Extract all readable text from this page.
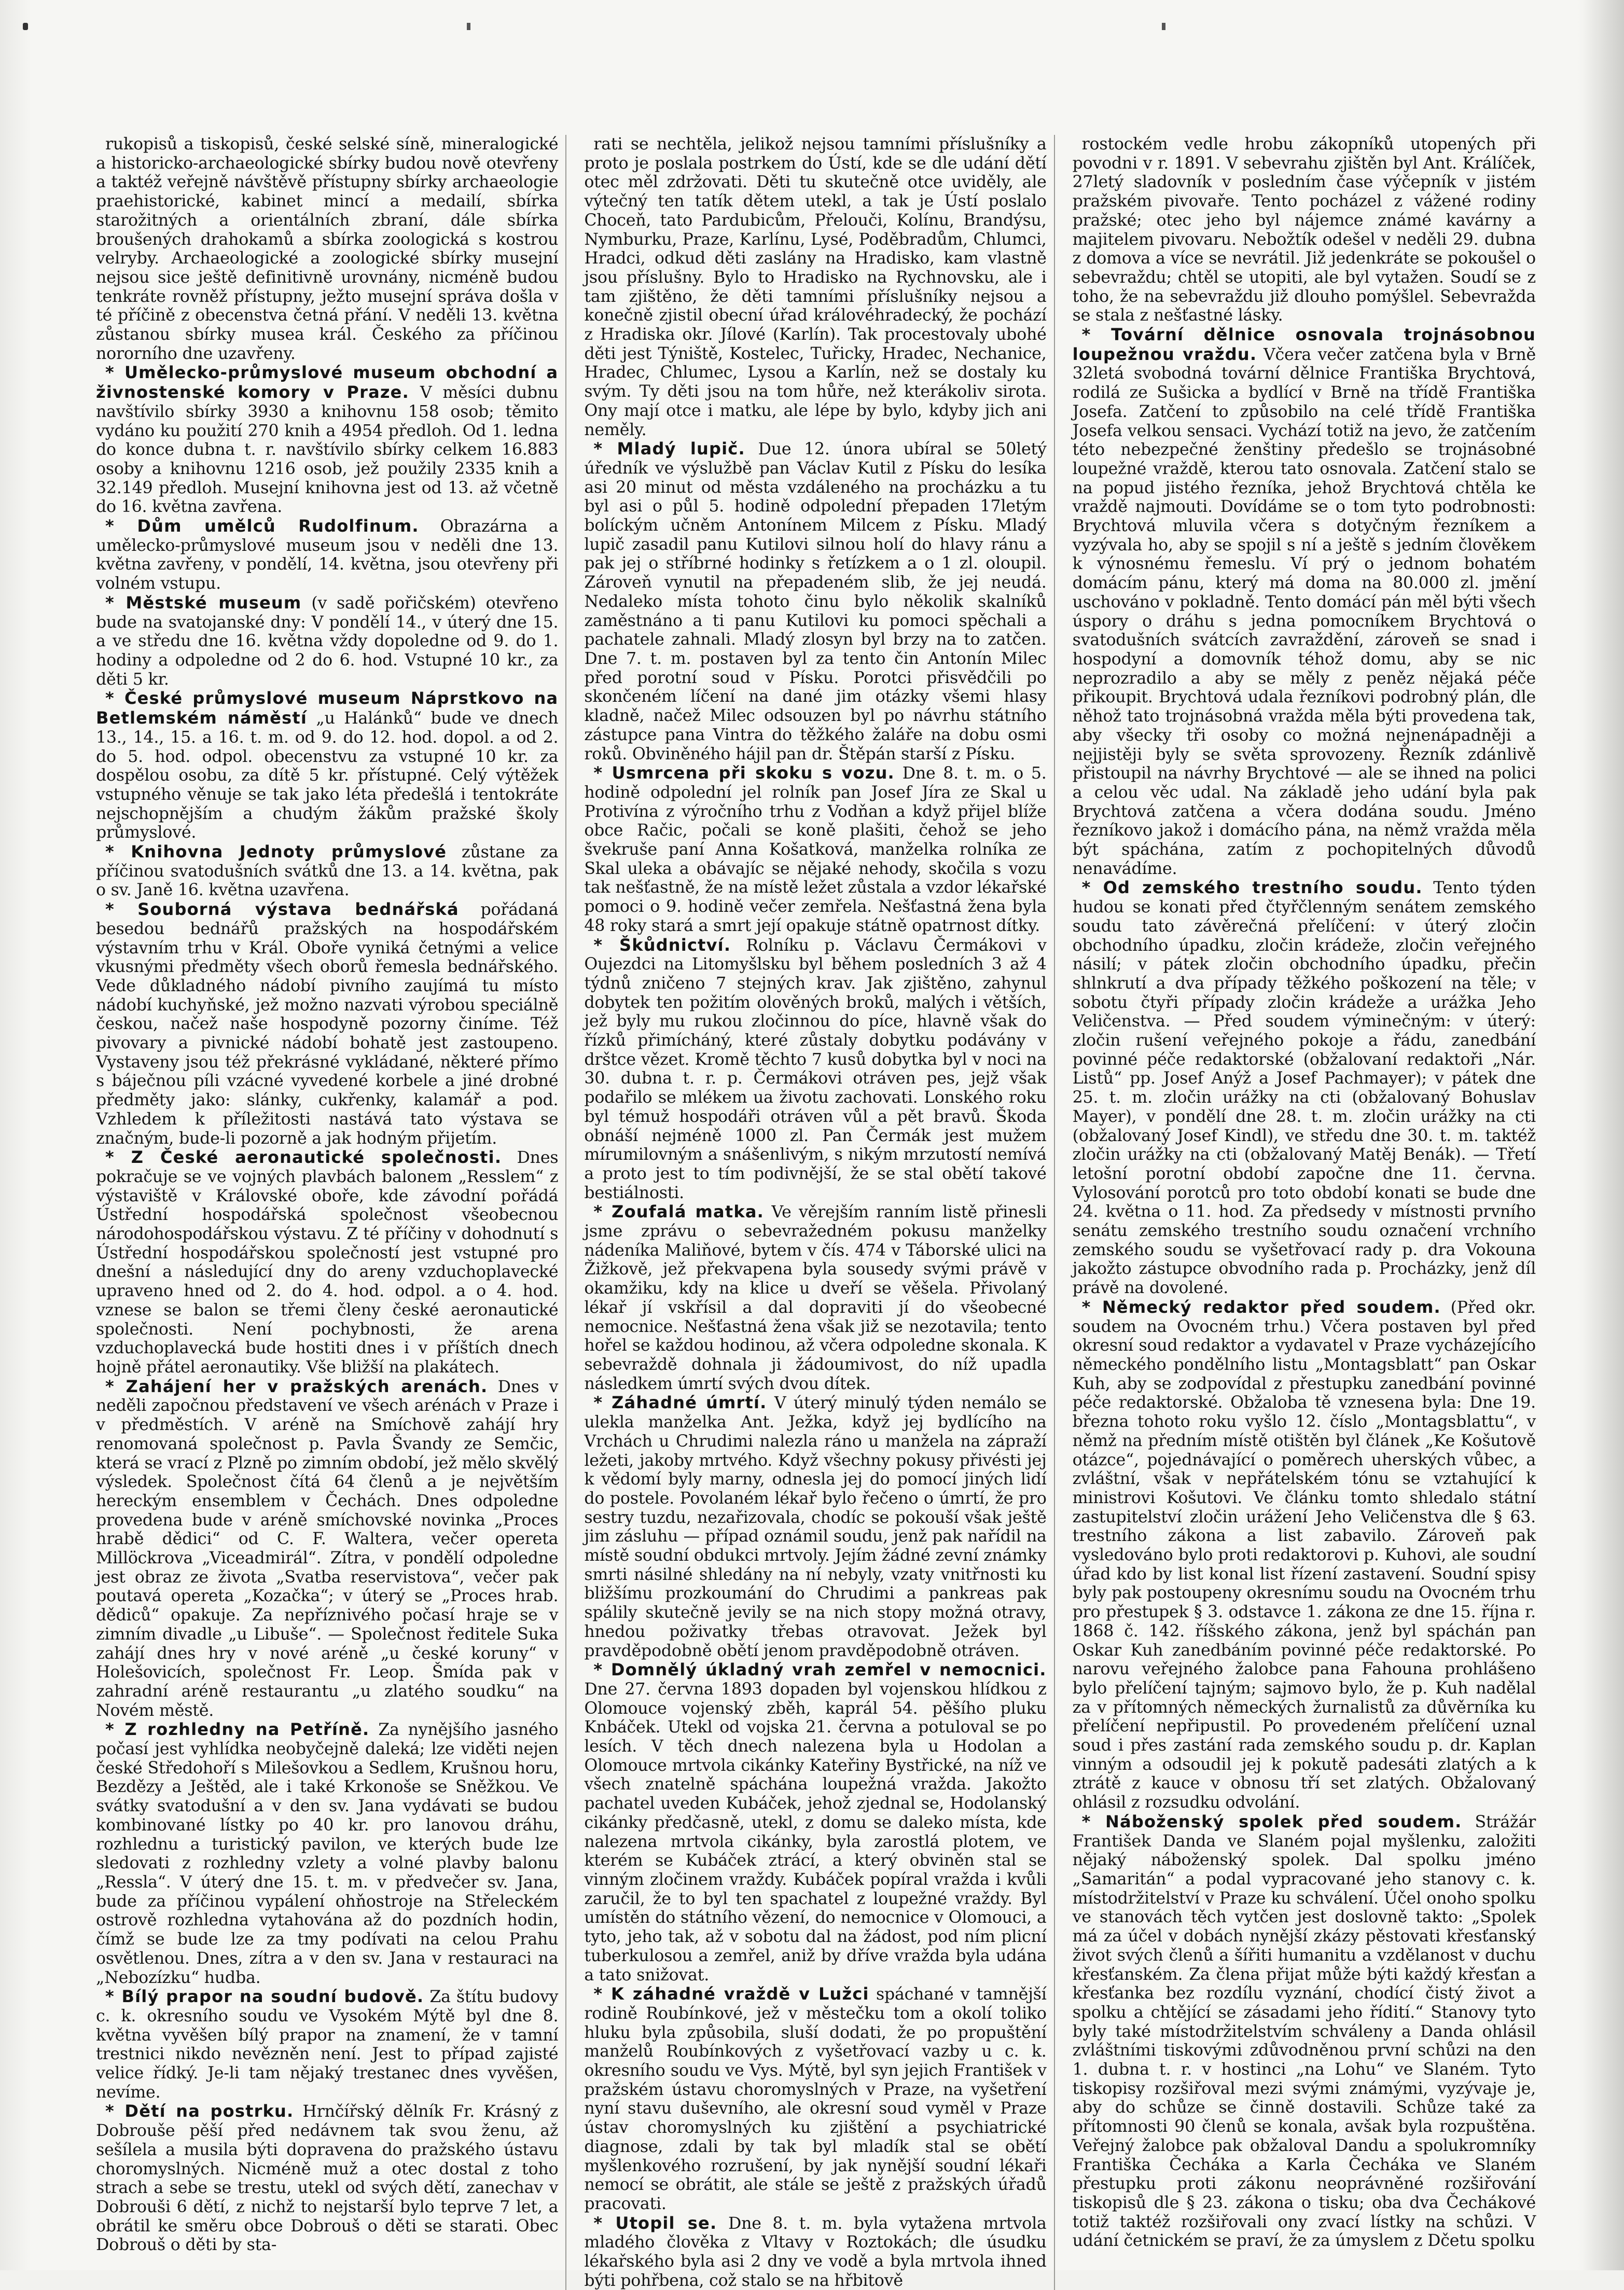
rukopisů a tiskopisů, české selské síně, mineralogické a historicko-archaeologické sbírky budou nově otevřeny a taktéž veřejně návštěvě přístupny sbírky archaeologie praehistorické, kabinet mincí a medailí, sbírka starožitných a orientálních zbraní, dále sbírka broušených drahokamů a sbírka zoologická s kostrou velryby. Archaeologické a zoologické sbírky musejní nejsou sice ještě definitivně urovnány, nicméně budou tenkráte rovněž přístupny, ježto musejní správa došla v té příčině z obecenstva četná přání. V neděli 13. května zůstanou sbírky musea král. Českého za příčinou nororního dne uzavřeny.

* Umělecko-průmyslové museum obchodní a živnostenské komory v Praze. V měsíci dubnu navštívilo sbírky 3930 a knihovnu 158 osob; těmito vydáno ku použití 270 knih a 4954 předloh. Od 1. ledna do konce dubna t. r. navštívilo sbírky celkem 16.883 osoby a knihovnu 1216 osob, jež použily 2335 knih a 32.149 předloh. Musejní knihovna jest od 13. až včetně do 16. května zavřena.

* Dům umělců Rudolfinum. Obrazárna a umělecko-průmyslové museum jsou v neděli dne 13. května zavřeny, v pondělí, 14. května, jsou otevřeny při volném vstupu.

* Městské museum (v sadě pořičském) otevřeno bude na svatojanské dny: V pondělí 14., v úterý dne 15. a ve středu dne 16. května vždy dopoledne od 9. do 1. hodiny a odpoledne od 2 do 6. hod. Vstupné 10 kr., za děti 5 kr.

* České průmyslové museum Náprstkovo na Betlemském náměstí „u Halánků“ bude ve dnech 13., 14., 15. a 16. t. m. od 9. do 12. hod. dopol. a od 2. do 5. hod. odpol. obecenstvu za vstupné 10 kr. za dospělou osobu, za dítě 5 kr. přístupné. Celý výtěžek vstupného věnuje se tak jako léta předešlá i tentokráte nejschopnějším a chudým žákům pražské školy průmyslové.

* Knihovna Jednoty průmyslové zůstane za příčinou svatodušních svátků dne 13. a 14. května, pak o sv. Janě 16. května uzavřena.

* Souborná výstava bednářská pořádaná besedou bednářů pražských na hospodářském výstavním trhu v Král. Oboře vyniká četnými a velice vkusnými předměty všech oborů řemesla bednářského. Vede důkladného nádobí pivního zaujímá tu místo nádobí kuchyňské, jež možno nazvati výrobou speciálně českou, načež naše hospodyně pozorny činíme. Též pivovary a pivnické nádobí bohatě jest zastoupeno. Vystaveny jsou též překrásné vykládané, některé přímo s báječnou píli vzácné vyvedené korbele a jiné drobné předměty jako: slánky, cukřenky, kalamář a pod. Vzhledem k příležitosti nastává tato výstava se značným, bude-li pozorně a jak hodným přijetím.

* Z České aeronautické společnosti. Dnes pokračuje se ve vojných plavbách balonem „Resslem“ z výstaviště v Královské oboře, kde závodní pořádá Ústřední hospodářská společnost všeobecnou národohospodářskou výstavu. Z té příčiny v dohodnutí s Ústřední hospodářskou společností jest vstupné pro dnešní a následující dny do areny vzduchoplavecké upraveno hned od 2. do 4. hod. odpol. a o 4. hod. vznese se balon se třemi členy české aeronautické společnosti. Není pochybnosti, že arena vzduchoplavecká bude hostiti dnes i v příštích dnech hojně přátel aeronautiky. Vše bližší na plakátech.

* Zahájení her v pražských arenách. Dnes v neděli započnou představení ve všech arénách v Praze i v předměstích. V aréně na Smíchově zahájí hry renomovaná společnost p. Pavla Švandy ze Semčic, která se vrací z Plzně po zimním období, jež mělo skvělý výsledek. Společnost čítá 64 členů a je největším hereckým ensemblem v Čechách. Dnes odpoledne provedena bude v aréně smíchovské novinka „Proces hrabě dědici“ od C. F. Waltera, večer opereta Millöckrova „Viceadmirál“. Zítra, v pondělí odpoledne jest obraz ze života „Svatba reservistova“, večer pak poutavá opereta „Kozačka“; v úterý se „Proces hrab. dědiců“ opakuje. Za nepříznivého počasí hraje se v zimním divadle „u Libuše“. — Společnost ředitele Suka zahájí dnes hry v nové aréně „u české koruny“ v Holešovicích, společnost Fr. Leop. Šmída pak v zahradní aréně restaurantu „u zlatého soudku“ na Novém městě.

* Z rozhledny na Petříně. Za nynějšího jasného počasí jest vyhlídka neobyčejně daleká; lze viděti nejen české Středohoří s Milešovkou a Sedlem, Krušnou horu, Bezdězy a Ještěd, ale i také Krkonoše se Sněžkou. Ve svátky svatodušní a v den sv. Jana vydávati se budou kombinované lístky po 40 kr. pro lanovou dráhu, rozhlednu a turistický pavilon, ve kterých bude lze sledovati z rozhledny vzlety a volné plavby balonu „Ressla“. V úterý dne 15. t. m. v předvečer sv. Jana, bude za příčinou vypálení ohňostroje na Střeleckém ostrově rozhledna vytahována až do pozdních hodin, čímž se bude lze za tmy podívati na celou Prahu osvětlenou. Dnes, zítra a v den sv. Jana v restauraci na „Nebozízku“ hudba.

* Bílý prapor na soudní budově. Za štítu budovy c. k. okresního soudu ve Vysokém Mýtě byl dne 8. května vyvěšen bílý prapor na znamení, že v tamní trestnici nikdo nevězněn není. Jest to případ zajisté velice řídký. Je-li tam nějaký trestanec dnes vyvěšen, nevíme.

* Dětí na postrku. Hrnčířský dělník Fr. Krásný z Dobrouše pěší před nedávnem tak svou ženu, až sešílela a musila býti dopravena do pražského ústavu choromyslných. Nicméně muž a otec dostal z toho strach a sebe se trestu, utekl od svých dětí, zanechav v Dobrouši 6 dětí, z nichž to nejstarší bylo teprve 7 let, a obrátil ke směru obce Dobrouš o děti se starati. Obec Dobrouš o děti by sta-

rati se nechtěla, jelikož nejsou tamními příslušníky a proto je poslala postrkem do Ústí, kde se dle udání dětí otec měl zdržovati. Děti tu skutečně otce uviděly, ale výtečný ten tatík dětem utekl, a tak je Ústí poslalo Choceň, tato Pardubicům, Přelouči, Kolínu, Brandýsu, Nymburku, Praze, Karlínu, Lysé, Poděbradům, Chlumci, Hradci, odkud děti zaslány na Hradisko, kam vlastně jsou příslušny. Bylo to Hradisko na Rychnovsku, ale i tam zjištěno, že děti tamními příslušníky nejsou a konečně zjistil obecní úřad královéhradecký, že pochází z Hradiska okr. Jílové (Karlín). Tak procestovaly ubohé děti jest Týniště, Kostelec, Tuřicky, Hradec, Nechanice, Hradec, Chlumec, Lysou a Karlín, než se dostaly ku svým. Ty děti jsou na tom hůře, než kterákoliv sirota. Ony mají otce i matku, ale lépe by bylo, kdyby jich ani neměly.

* Mladý lupič. Due 12. února ubíral se 50letý úředník ve výslužbě pan Václav Kutil z Písku do lesíka asi 20 minut od města vzdáleného na procházku a tu byl asi o půl 5. hodině odpolední přepaden 17letým bolíckým učněm Antonínem Milcem z Písku. Mladý lupič zasadil panu Kutilovi silnou holí do hlavy ránu a pak jej o stříbrné hodinky s řetízkem a o 1 zl. oloupil. Zároveň vynutil na přepadeném slib, že jej neudá. Nedaleko místa tohoto činu bylo několik skalníků zaměstnáno a ti panu Kutilovi ku pomoci spěchali a pachatele zahnali. Mladý zlosyn byl brzy na to zatčen. Dne 7. t. m. postaven byl za tento čin Antonín Milec před porotní soud v Písku. Porotci přisvědčili po skončeném líčení na dané jim otázky všemi hlasy kladně, načež Milec odsouzen byl po návrhu státního zástupce pana Vintra do těžkého žaláře na dobu osmi roků. Obviněného hájil pan dr. Štěpán starší z Písku.

* Usmrcena při skoku s vozu. Dne 8. t. m. o 5. hodině odpolední jel rolník pan Josef Jíra ze Skal u Protivína z výročního trhu z Vodňan a když přijel blíže obce Račic, počali se koně plašiti, čehož se jeho švekruše paní Anna Košatková, manželka rolníka ze Skal uleka a obávajíc se nějaké nehody, skočila s vozu tak nešťastně, že na místě ležet zůstala a vzdor lékařské pomoci o 9. hodině večer zemřela. Nešťastná žena byla 48 roky stará a smrt její opakuje státně opatrnost dítky.

* Škůdnictví. Rolníku p. Václavu Čermákovi v Oujezdci na Litomyšlsku byl během posledních 3 až 4 týdnů zničeno 7 stejných krav. Jak zjištěno, zahynul dobytek ten požitím olověných broků, malých i větších, jež byly mu rukou zločinnou do píce, hlavně však do řízků přimícháný, které zůstaly dobytku podávány v drštce vězet. Kromě těchto 7 kusů dobytka byl v noci na 30. dubna t. r. p. Čermákovi otráven pes, jejž však podařilo se mlékem ua životu zachovati. Lonského roku byl témuž hospodáři otráven vůl a pět bravů. Škoda obnáší nejméně 1000 zl. Pan Čermák jest mužem mírumilovným a snášenlivým, s nikým mrzutostí nemívá a proto jest to tím podivnější, že se stal obětí takové bestiálnosti.

* Zoufalá matka. Ve věrejším ranním listě přinesli jsme zprávu o sebevražedném pokusu manželky nádeníka Maliňové, bytem v čís. 474 v Táborské ulici na Žižkově, jež překvapena byla sousedy svými právě v okamžiku, kdy na klice u dveří se věšela. Přivolaný lékař jí vskřísil a dal dopraviti jí do všeobecné nemocnice. Nešťastná žena však již se nezotavila; tento hořel se každou hodinou, až včera odpoledne skonala. K sebevraždě dohnala ji žádoumivost, do níž upadla následkem úmrtí svých dvou dítek.

* Záhadné úmrtí. V úterý minulý týden nemálo se ulekla manželka Ant. Ježka, když jej bydlícího na Vrchách u Chrudimi nalezla ráno u manžela na zápraží ležeti, jakoby mrtvého. Když všechny pokusy přivésti jej k vědomí byly marny, odnesla jej do pomocí jiných lidí do postele. Povolaném lékař bylo řečeno o úmrtí, že pro sestry tuzdu, nezařizovala, chodíc se pokouší však ještě jim zásluhu — případ oznámil soudu, jenž pak nařídil na místě soudní obdukci mrtvoly. Jejím žádné zevní známky smrti násilné shledány na ní nebyly, vzaty vnitřnosti ku bližšímu prozkoumání do Chrudimi a pankreas pak spálily skutečně jevily se na nich stopy možná otravy, hnedou poživatky třebas otravovat. Ježek byl pravděpodobně obětí jenom pravděpodobně otráven.

* Domnělý úkladný vrah zemřel v nemocnici. Dne 27. června 1893 dopaden byl vojenskou hlídkou z Olomouce vojenský zběh, kaprál 54. pěšího pluku Knbáček. Utekl od vojska 21. června a potuloval se po lesích. V těch dnech nalezena byla u Hodolan a Olomouce mrtvola cikánky Kateřiny Bystřické, na níž ve všech znatelně spáchána loupežná vražda. Jakožto pachatel uveden Kubáček, jehož zjednal se, Hodolanský cikánky předčasně, utekl, z domu se daleko místa, kde nalezena mrtvola cikánky, byla zarostlá plotem, ve kterém se Kubáček ztrácí, a který obviněn stal se vinným zločinem vraždy. Kubáček popíral vražda i kvůli zaručil, že to byl ten spachatel z loupežné vraždy. Byl umístěn do státního vězení, do nemocnice v Olomouci, a tyto, jeho tak, až v sobotu dal na žádost, pod ním plicní tuberkulosou a zemřel, aniž by dříve vražda byla udána a tato snižovat.

* K záhadné vraždě v Lužci spáchané v tamnější rodině Roubínkové, jež v městečku tom a okolí toliko hluku byla způsobila, sluší dodati, že po propuštění manželů Roubínkových z vyšetřovací vazby u c. k. okresního soudu ve Vys. Mýtě, byl syn jejich František v pražském ústavu choromyslných v Praze, na vyšetření nyní stavu duševního, ale okresní soud vyměl v Praze ústav choromyslných ku zjištění a psychiatrické diagnose, zdali by tak byl mladík stal se obětí myšlenkového rozrušení, by jak nynější soudní lékaři nemocí se obrátit, ale stále se ještě z pražských úřadů pracovati.

* Utopil se. Dne 8. t. m. byla vytažena mrtvola mladého člověka z Vltavy v Roztokách; dle úsudku lékařského byla asi 2 dny ve vodě a byla mrtvola ihned býti pohřbena, což stalo se na hřbitově

rostockém vedle hrobu zákopníků utopených při povodni v r. 1891. V sebevrahu zjištěn byl Ant. Králíček, 27letý sladovník v posledním čase výčepník v jistém pražském pivovaře. Tento pocházel z vážené rodiny pražské; otec jeho byl nájemce známé kavárny a majitelem pivovaru. Nebožtík odešel v neděli 29. dubna z domova a více se nevrátil. Již jedenkráte se pokoušel o sebevraždu; chtěl se utopiti, ale byl vytažen. Soudí se z toho, že na sebevraždu již dlouho pomýšlel. Sebevražda se stala z nešťastné lásky.

* Tovární dělnice osnovala trojnásobnou loupežnou vraždu. Včera večer zatčena byla v Brně 32letá svobodná tovární dělnice Františka Brychtová, rodilá ze Sušicka a bydlící v Brně na třídě Františka Josefa. Zatčení to způsobilo na celé třídě Františka Josefa velkou sensaci. Vychází totiž na jevo, že zatčením této nebezpečné ženštiny předešlo se trojnásobné loupežné vraždě, kterou tato osnovala. Zatčení stalo se na popud jistého řezníka, jehož Brychtová chtěla ke vraždě najmouti. Dovídáme se o tom tyto podrobnosti: Brychtová mluvila včera s dotyčným řezníkem a vyzývala ho, aby se spojil s ní a ještě s jedním člověkem k výnosnému řemeslu. Ví prý o jednom bohatém domácím pánu, který má doma na 80.000 zl. jmění uschováno v pokladně. Tento domácí pán měl býti všech úspory o dráhu s jedna pomocníkem Brychtová o svatodušních svátcích zavraždění, zároveň se snad i hospodyní a domovník téhož domu, aby se nic neprozradilo a aby se měly z peněz nějaká péče přikoupit. Brychtová udala řezníkovi podrobný plán, dle něhož tato trojnásobná vražda měla býti provedena tak, aby všecky tři osoby co možná nejnenápadněji a nejjistěji byly se světa sprovozeny. Řezník zdánlivě přistoupil na návrhy Brychtové — ale se ihned na polici a celou věc udal. Na základě jeho udání byla pak Brychtová zatčena a včera dodána soudu. Jméno řezníkovo jakož i domácího pána, na němž vražda měla být spáchána, zatím z pochopitelných důvodů nenavádíme.

* Od zemského trestního soudu. Tento týden hudou se konati před čtyřčlenným senátem zemského soudu tato závěrečná přelíčení: v úterý zločin obchodního úpadku, zločin krádeže, zločin veřejného násilí; v pátek zločin obchodního úpadku, přečin shlnkrutí a dva případy těžkého poškození na těle; v sobotu čtyři případy zločin krádeže a urážka Jeho Veličenstva. — Před soudem výminečným: v úterý: zločin rušení veřejného pokoje a řádu, zanedbání povinné péče redaktorské (obžalovaní redaktoři „Nár. Listů“ pp. Josef Anýž a Josef Pachmayer); v pátek dne 25. t. m. zločin urážky na cti (obžalovaný Bohuslav Mayer), v pondělí dne 28. t. m. zločin urážky na cti (obžalovaný Josef Kindl), ve středu dne 30. t. m. taktéž zločin urážky na cti (obžalovaný Matěj Benák). — Třetí letošní porotní období započne dne 11. června. Vylosování porotců pro toto období konati se bude dne 24. května o 11. hod. Za předsedy v místnosti prvního senátu zemského trestního soudu označení vrchního zemského soudu se vyšetřovací rady p. dra Vokouna jakožto zástupce obvodního rada p. Procházky, jenž díl právě na dovolené.

* Německý redaktor před soudem. (Před okr. soudem na Ovocném trhu.) Včera postaven byl před okresní soud redaktor a vydavatel v Praze vycházejícího německého pondělního listu „Montagsblatt“ pan Oskar Kuh, aby se zodpovídal z přestupku zanedbání povinné péče redaktorské. Obžaloba tě vznesena byla: Dne 19. března tohoto roku vyšlo 12. číslo „Montagsblattu“, v němž na předním místě otištěn byl článek „Ke Košutově otázce“, pojednávající o poměrech uherských vůbec, a zvláštní, však v nepřátelském tónu se vztahující k ministrovi Košutovi. Ve článku tomto shledalo státní zastupitelství zločin urážení Jeho Veličenstva dle § 63. trestního zákona a list zabavilo. Zároveň pak vysledováno bylo proti redaktorovi p. Kuhovi, ale soudní úřad kdo by list konal list řízení zastavení. Soudní spisy byly pak postoupeny okresnímu soudu na Ovocném trhu pro přestupek § 3. odstavce 1. zákona ze dne 15. října r. 1868 č. 142. říšského zákona, jenž byl spáchán pan Oskar Kuh zanedbáním povinné péče redaktorské. Po narovu veřejného žalobce pana Fahouna prohlášeno bylo přelíčení tajným; sajmovo bylo, že p. Kuh nadělal za v přítomných německých žurnalistů za důvěrníka ku přelíčení nepřipustil. Po provedeném přelíčení uznal soud i přes zastání rada zemského soudu p. dr. Kaplan vinným a odsoudil jej k pokutě padesáti zlatých a k ztrátě z kauce v obnosu tří set zlatých. Obžalovaný ohlásil z rozsudku odvolání.

* Náboženský spolek před soudem. Strážár František Danda ve Slaném pojal myšlenku, založiti nějaký náboženský spolek. Dal spolku jméno „Samaritán“ a podal vypracované jeho stanovy c. k. místodržitelství v Praze ku schválení. Účel onoho spolku ve stanovách těch vytčen jest doslovně takto: „Spolek má za účel v dobách nynější zkázy pěstovati křesťanský život svých členů a šířiti humanitu a vzdělanost v duchu křesťanském. Za člena přijat může býti každý křesťan a křesťanka bez rozdílu vyznání, chodící čistý život a spolku a chtějící se zásadami jeho řídití.“ Stanovy tyto byly také místodržitelstvím schváleny a Danda ohlásil zvláštními tiskovými zdůvodněnou první schůzi na den 1. dubna t. r. v hostinci „na Lohu“ ve Slaném. Tyto tiskopisy rozšiřoval mezi svými známými, vyzývaje je, aby do schůze se činně dostavili. Schůze také za přítomnosti 90 členů se konala, avšak byla rozpuštěna. Veřejný žalobce pak obžaloval Dandu a spolukromníky Františka Čecháka a Karla Čecháka ve Slaném přestupku proti zákonu neoprávněné rozšiřování tiskopisů dle § 23. zákona o tisku; oba dva Čechákové totiž taktéž rozšiřovali ony zvací lístky na schůzi. V udání četnickém se praví, že za úmyslem z Dčetu spolku
